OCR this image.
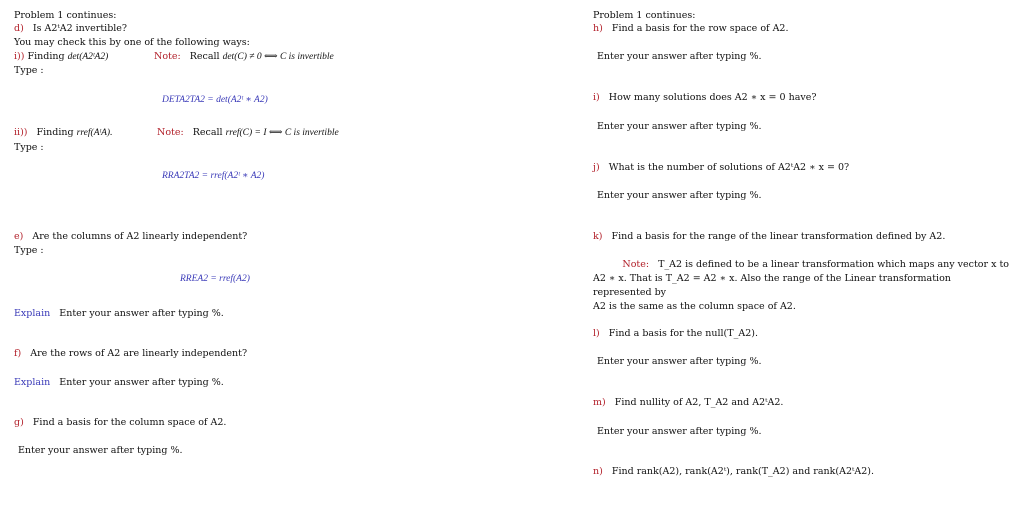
Problem 1 continues:
d) Is A2ᵗA2 invertible?
You may check this by one of the following ways:
i)) Finding det(A2ᵗA2)	Note: Recall det(C) ≠ 0 ⟺ C is invertible
Type :
DETA2TA2 = det(A2ᵗ ∗ A2)
ii)) Finding rref(AᵗA).	Note: Recall rref(C) = I ⟺ C is invertible
Type :
RRA2TA2 = rref(A2ᵗ ∗ A2)
e) Are the columns of A2 linearly independent?
Type :
RREA2 = rref(A2)
Explain Enter your answer after typing %.
f) Are the rows of A2 are linearly independent?
Explain Enter your answer after typing %.
g) Find a basis for the column space of A2.
Enter your answer after typing %.
Problem 1 continues:
h) Find a basis for the row space of A2.
Enter your answer after typing %.
i) How many solutions does A2 ∗ x = 0 have?
Enter your answer after typing %.
j) What is the number of solutions of A2ᵗA2 ∗ x = 0?
Enter your answer after typing %.
k) Find a basis for the range of the linear transformation defined by A2.
Note: T_A2 is defined to be a linear transformation which maps any vector x to
A2 ∗ x. That is T_A2 = A2 ∗ x. Also the range of the Linear transformation represented by
A2 is the same as the column space of A2.
l) Find a basis for the null(T_A2).
Enter your answer after typing %.
m) Find nullity of A2, T_A2 and A2ᵗA2.
Enter your answer after typing %.
n) Find rank(A2), rank(A2ᵗ), rank(T_A2) and rank(A2ᵗA2).
